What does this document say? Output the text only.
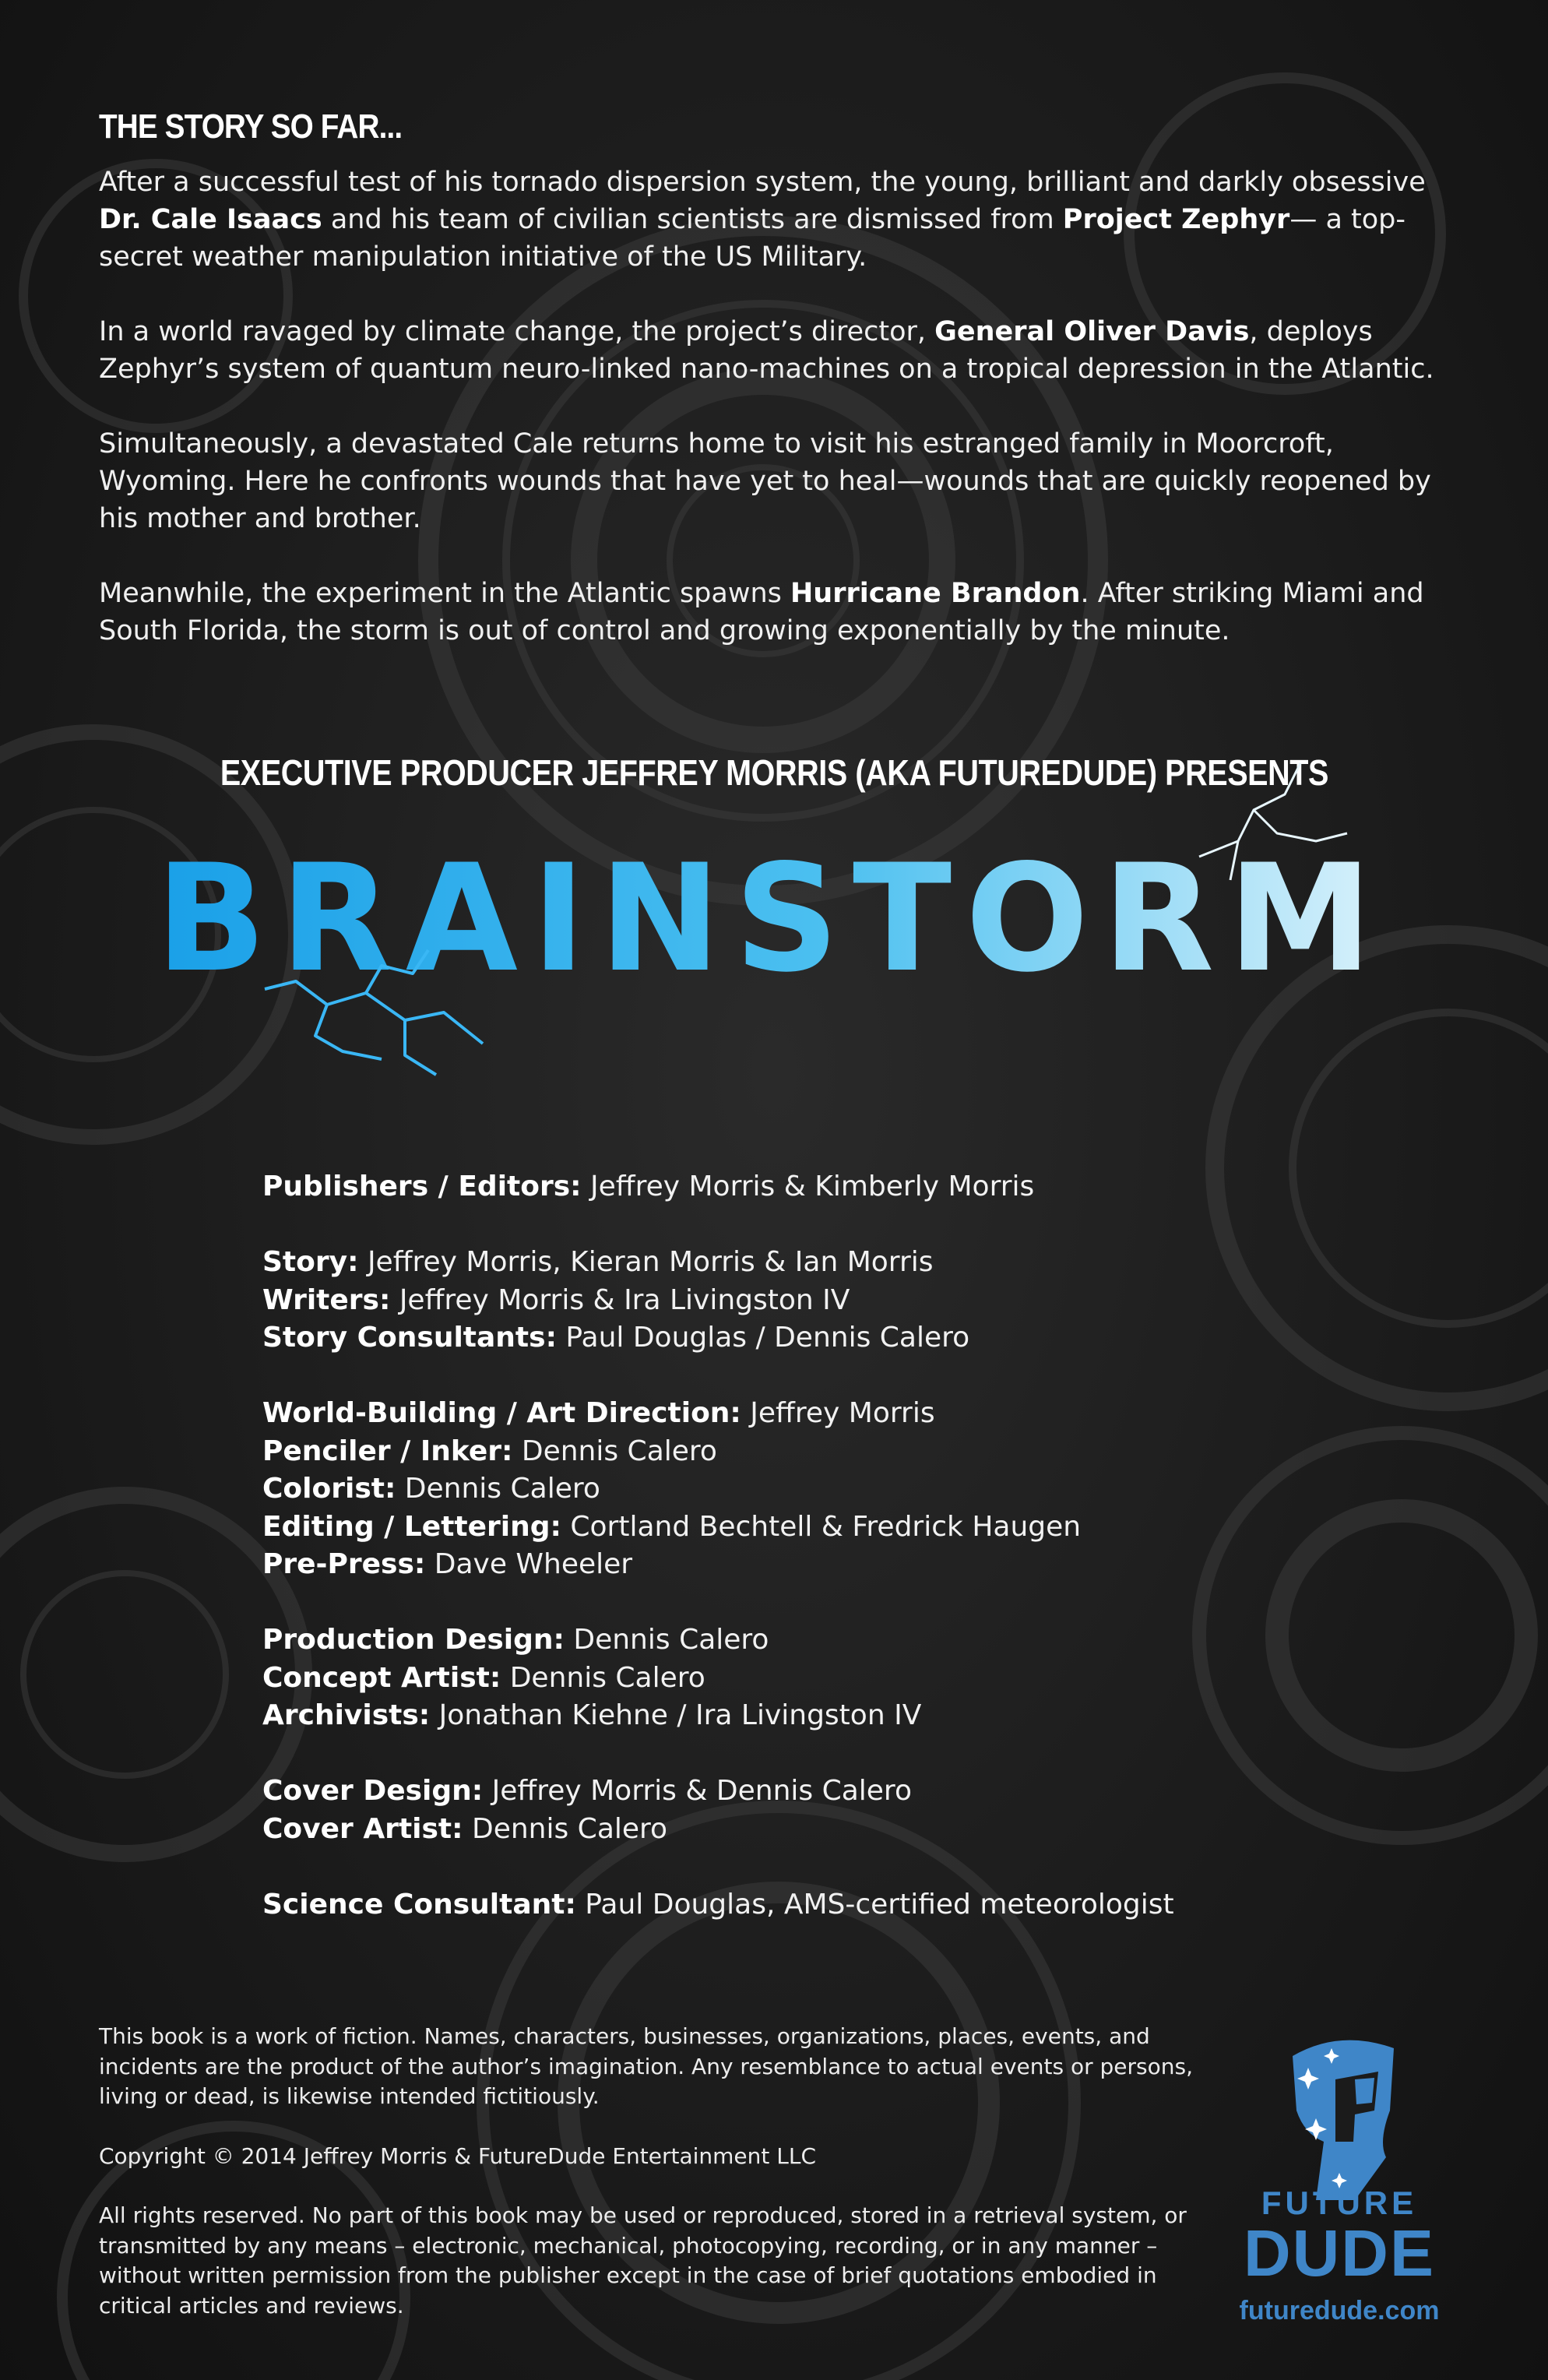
THE STORY SO FAR...

After a successful test of his tornado dispersion system, the young, brilliant and darkly obsessive Dr. Cale Isaacs and his team of civilian scientists are dismissed from Project Zephyr— a top-secret weather manipulation initiative of the US Military.

In a world ravaged by climate change, the project’s director, General Oliver Davis, deploys Zephyr’s system of quantum neuro-linked nano-machines on a tropical depression in the Atlantic.

Simultaneously, a devastated Cale returns home to visit his estranged family in Moorcroft, Wyoming. Here he confronts wounds that have yet to heal—wounds that are quickly reopened by his mother and brother.

Meanwhile, the experiment in the Atlantic spawns Hurricane Brandon. After striking Miami and South Florida, the storm is out of control and growing exponentially by the minute.

EXECUTIVE PRODUCER JEFFREY MORRIS (AKA FUTUREDUDE) PRESENTS
BRAINSTORM
Publishers / Editors: Jeffrey Morris & Kimberly Morris
Story: Jeffrey Morris, Kieran Morris & Ian Morris
Writers: Jeffrey Morris & Ira Livingston IV
Story Consultants: Paul Douglas / Dennis Calero
World-Building / Art Direction: Jeffrey Morris
Penciler / Inker: Dennis Calero
Colorist: Dennis Calero
Editing / Lettering: Cortland Bechtell & Fredrick Haugen
Pre-Press: Dave Wheeler
Production Design: Dennis Calero
Concept Artist: Dennis Calero
Archivists: Jonathan Kiehne / Ira Livingston IV
Cover Design: Jeffrey Morris & Dennis Calero
Cover Artist: Dennis Calero
Science Consultant: Paul Douglas, AMS-certified meteorologist

This book is a work of fiction. Names, characters, businesses, organizations, places, events, and incidents are the product of the author’s imagination. Any resemblance to actual events or persons, living or dead, is likewise intended fictitiously.

Copyright © 2014 Jeffrey Morris & FutureDude Entertainment LLC

All rights reserved. No part of this book may be used or reproduced, stored in a retrieval system, or transmitted by any means – electronic, mechanical, photocopying, recording, or in any manner – without written permission from the publisher except in the case of brief quotations embodied in critical articles and reviews.

FUTURE
DUDE
futuredude.com
